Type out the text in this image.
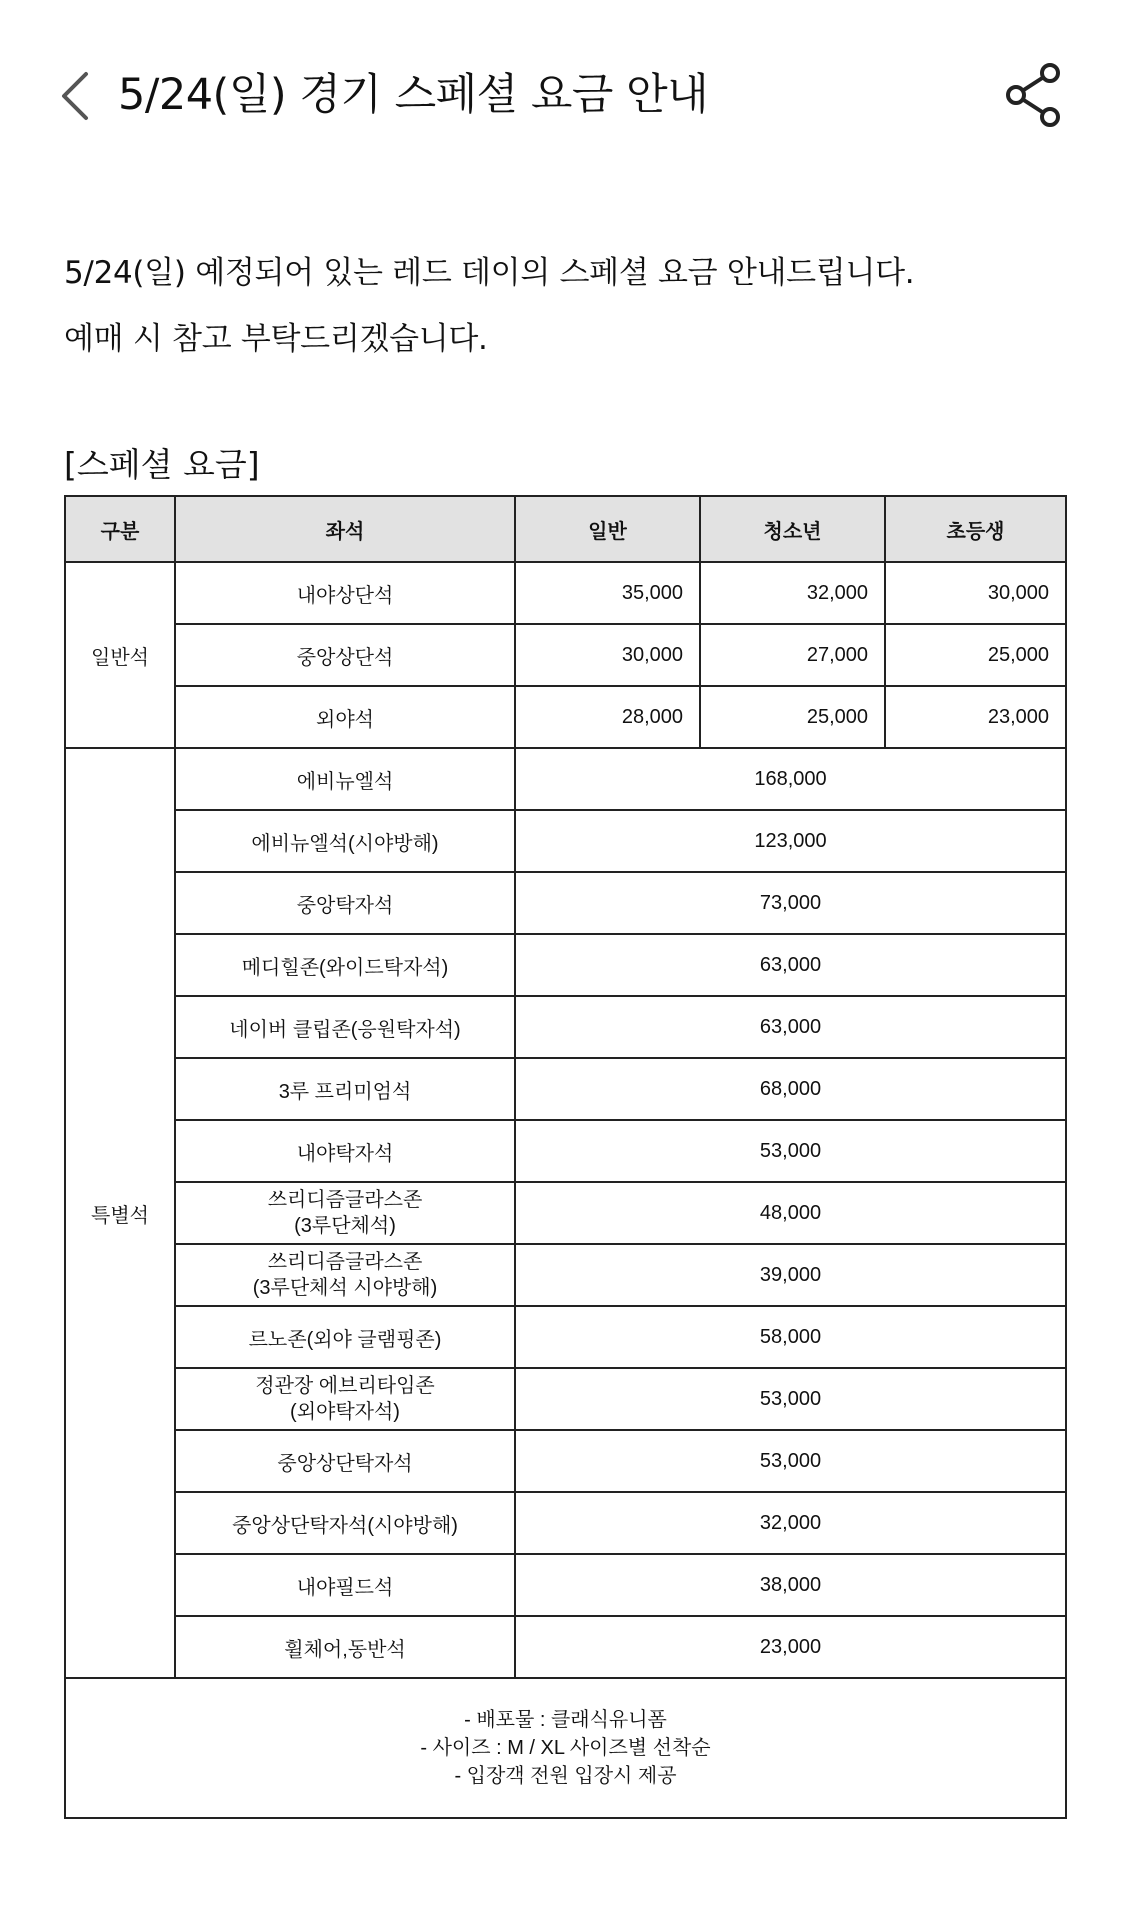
5/24(일) 경기 스페셜 요금 안내
5/24(일) 예정되어 있는 레드 데이의 스페셜 요금 안내드립니다.
예매 시 참고 부탁드리겠습니다.
[스페셜 요금]
구분	좌석	일반	청소년	초등생
일반석	내야상단석	35,000	32,000	30,000
	중앙상단석	30,000	27,000	25,000
	외야석	28,000	25,000	23,000
특별석	에비뉴엘석	168,000		
	에비뉴엘석(시야방해)	123,000		
	중앙탁자석	73,000		
	메디힐존(와이드탁자석)	63,000		
	네이버 클립존(응원탁자석)	63,000		
	3루 프리미엄석	68,000		
	내야탁자석	53,000		

	쓰리디즘글라스존
(3루단체석)	48,000		

	쓰리디즘글라스존
(3루단체석 시야방해)	39,000		
	르노존(외야 글램핑존)	58,000		

	정관장 에브리타임존
(외야탁자석)	53,000		
	중앙상단탁자석	53,000		
	중앙상단탁자석(시야방해)	32,000		
	내야필드석	38,000		
	휠체어,동반석	23,000		

- 배포물 : 클래식유니폼
- 사이즈 : M / XL 사이즈별 선착순
- 입장객 전원 입장시 제공				
